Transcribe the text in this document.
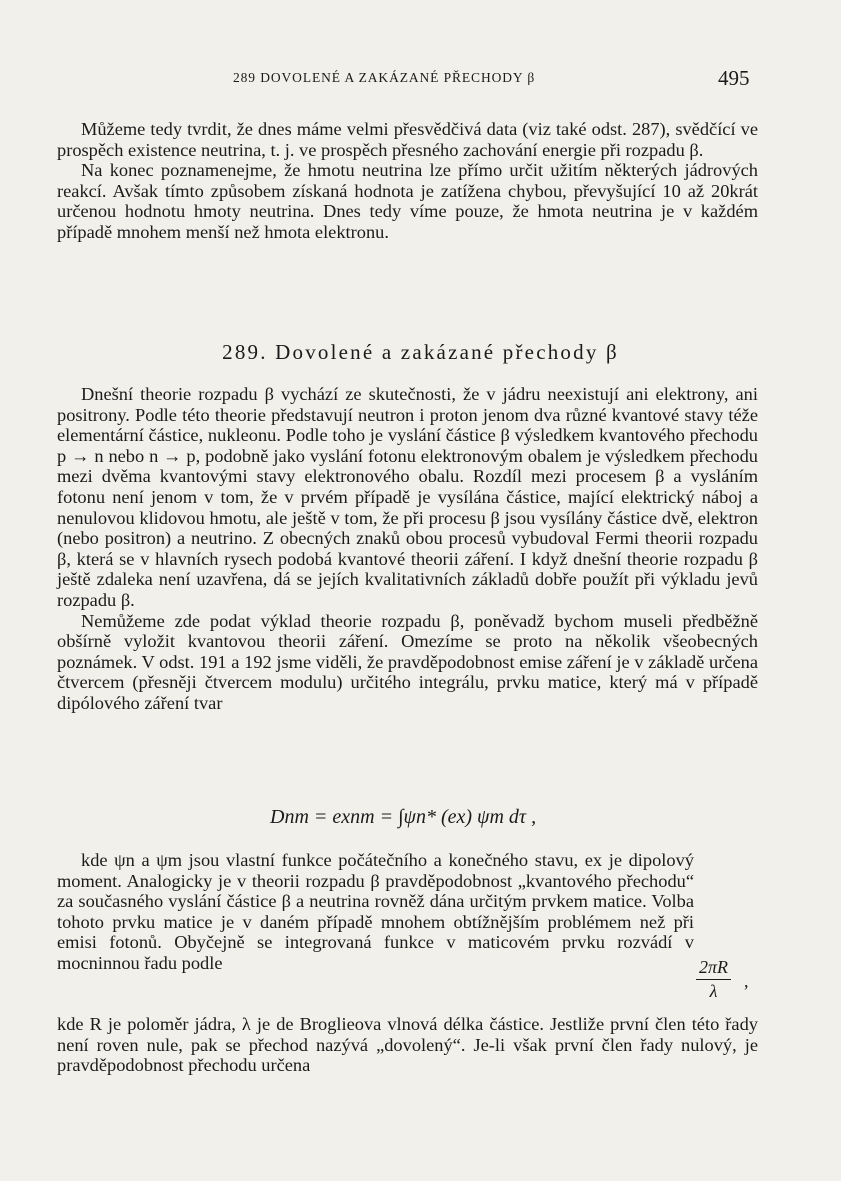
289 DOVOLENÉ A ZAKÁZANÉ PŘECHODY β	495

Můžeme tedy tvrdit, že dnes máme velmi přesvědčivá data (viz také odst. 287), svědčící ve prospěch existence neutrina, t. j. ve prospěch přesného zachování energie při rozpadu β.

Na konec poznamenejme, že hmotu neutrina lze přímo určit užitím některých jádrových reakcí. Avšak tímto způsobem získaná hodnota je zatížena chybou, převyšující 10 až 20krát určenou hodnotu hmoty neutrina. Dnes tedy víme pouze, že hmota neutrina je v každém případě mnohem menší než hmota elektronu.

289. Dovolené a zakázané přechody β

Dnešní theorie rozpadu β vychází ze skutečnosti, že v jádru neexistují ani elektrony, ani positrony. Podle této theorie představují neutron i proton jenom dva různé kvantové stavy téže elementární částice, nukleonu. Podle toho je vyslání částice β výsledkem kvantového přechodu p → n nebo n → p, podobně jako vyslání fotonu elektronovým obalem je výsledkem přechodu mezi dvěma kvantovými stavy elektronového obalu. Rozdíl mezi procesem β a vysláním fotonu není jenom v tom, že v prvém případě je vysílána částice, mající elektrický náboj a nenulovou klidovou hmotu, ale ještě v tom, že při procesu β jsou vysílány částice dvě, elektron (nebo positron) a neutrino. Z obecných znaků obou procesů vybudoval Fermi theorii rozpadu β, která se v hlavních rysech podobá kvantové theorii záření. I když dnešní theorie rozpadu β ještě zdaleka není uzavřena, dá se jejích kvalitativních základů dobře použít při výkladu jevů rozpadu β.

Nemůžeme zde podat výklad theorie rozpadu β, poněvadž bychom museli předběžně obšírně vyložit kvantovou theorii záření. Omezíme se proto na několik všeobecných poznámek. V odst. 191 a 192 jsme viděli, že pravděpodobnost emise záření je v základě určena čtvercem (přesněji čtvercem modulu) určitého integrálu, prvku matice, který má v případě dipólového záření tvar

Dnm = exnm = ∫ψn* (ex) ψm dτ ,

kde ψn a ψm jsou vlastní funkce počátečního a konečného stavu, ex je dipolový moment. Analogicky je v theorii rozpadu β pravděpodobnost „kvantového přechodu“ za současného vyslání částice β a neutrina rovněž dána určitým prvkem matice. Volba tohoto prvku matice je v daném případě mnohem obtížnějším problémem než při emisi fotonů. Obyčejně se integrovaná funkce v maticovém prvku rozvádí v mocninnou řadu podle	$\frac{2\pi R}{\lambda}$ ,

kde R je poloměr jádra, λ je de Broglieova vlnová délka částice. Jestliže první člen této řady není roven nule, pak se přechod nazývá „dovolený“. Je-li však první člen řady nulový, je pravděpodobnost přechodu určena
